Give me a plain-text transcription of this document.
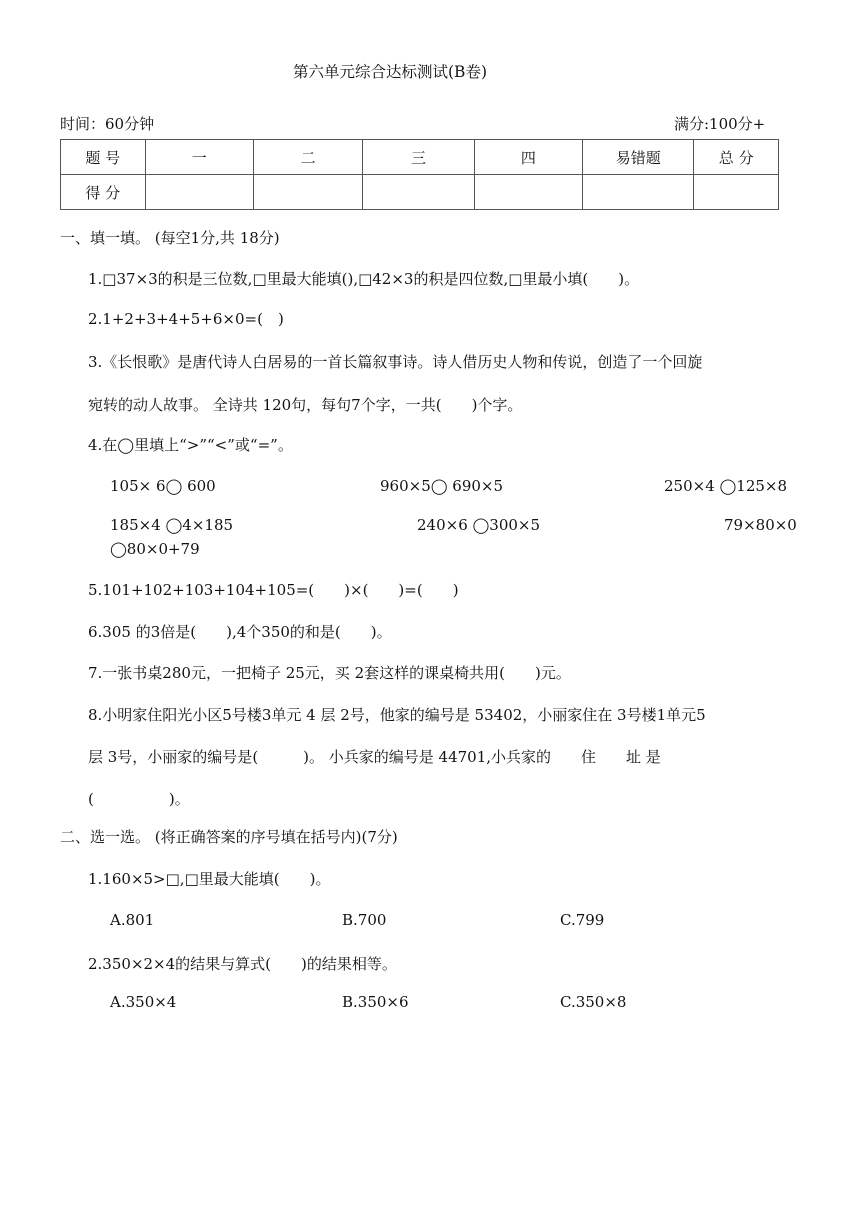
第六单元综合达标测试(B卷)
时间：60分钟	满分:100分+
题 号	一	二	三	四	易错题	总 分
得 分						
一、填一填。 (每空1分,共 18分)
1.□37×3的积是三位数,□里最大能填(),□42×3的积是四位数,□里最小填(　　)。
2.1+2+3+4+5+6×0=(　)
3.《长恨歌》是唐代诗人白居易的一首长篇叙事诗。诗人借历史人物和传说，创造了一个回旋
宛转的动人故事。 全诗共 120句，每句7个字，一共(　　)个字。
4.在◯里填上“>”“<”或“=”。
105× 6◯ 600	960×5◯ 690×5	250×4 ◯125×8
185×4 ◯4×185	240×6 ◯300×5	79×80×0
◯80×0+79
5.101+102+103+104+105=(　　)×(　　)=(　　)
6.305 的3倍是(　　),4个350的和是(　　)。
7.一张书桌280元，一把椅子 25元，买 2套这样的课桌椅共用(　　)元。
8.小明家住阳光小区5号楼3单元 4 层 2号，他家的编号是 53402，小丽家住在 3号楼1单元5
层 3号，小丽家的编号是(　　　)。 小兵家的编号是 44701,小兵家的　　住　　址 是
(　　　　　)。
二、选一选。 (将正确答案的序号填在括号内)(7分)
1.160×5>□,□里最大能填(　　)。
A.801	B.700	C.799
2.350×2×4的结果与算式(　　)的结果相等。
A.350×4	B.350×6	C.350×8
